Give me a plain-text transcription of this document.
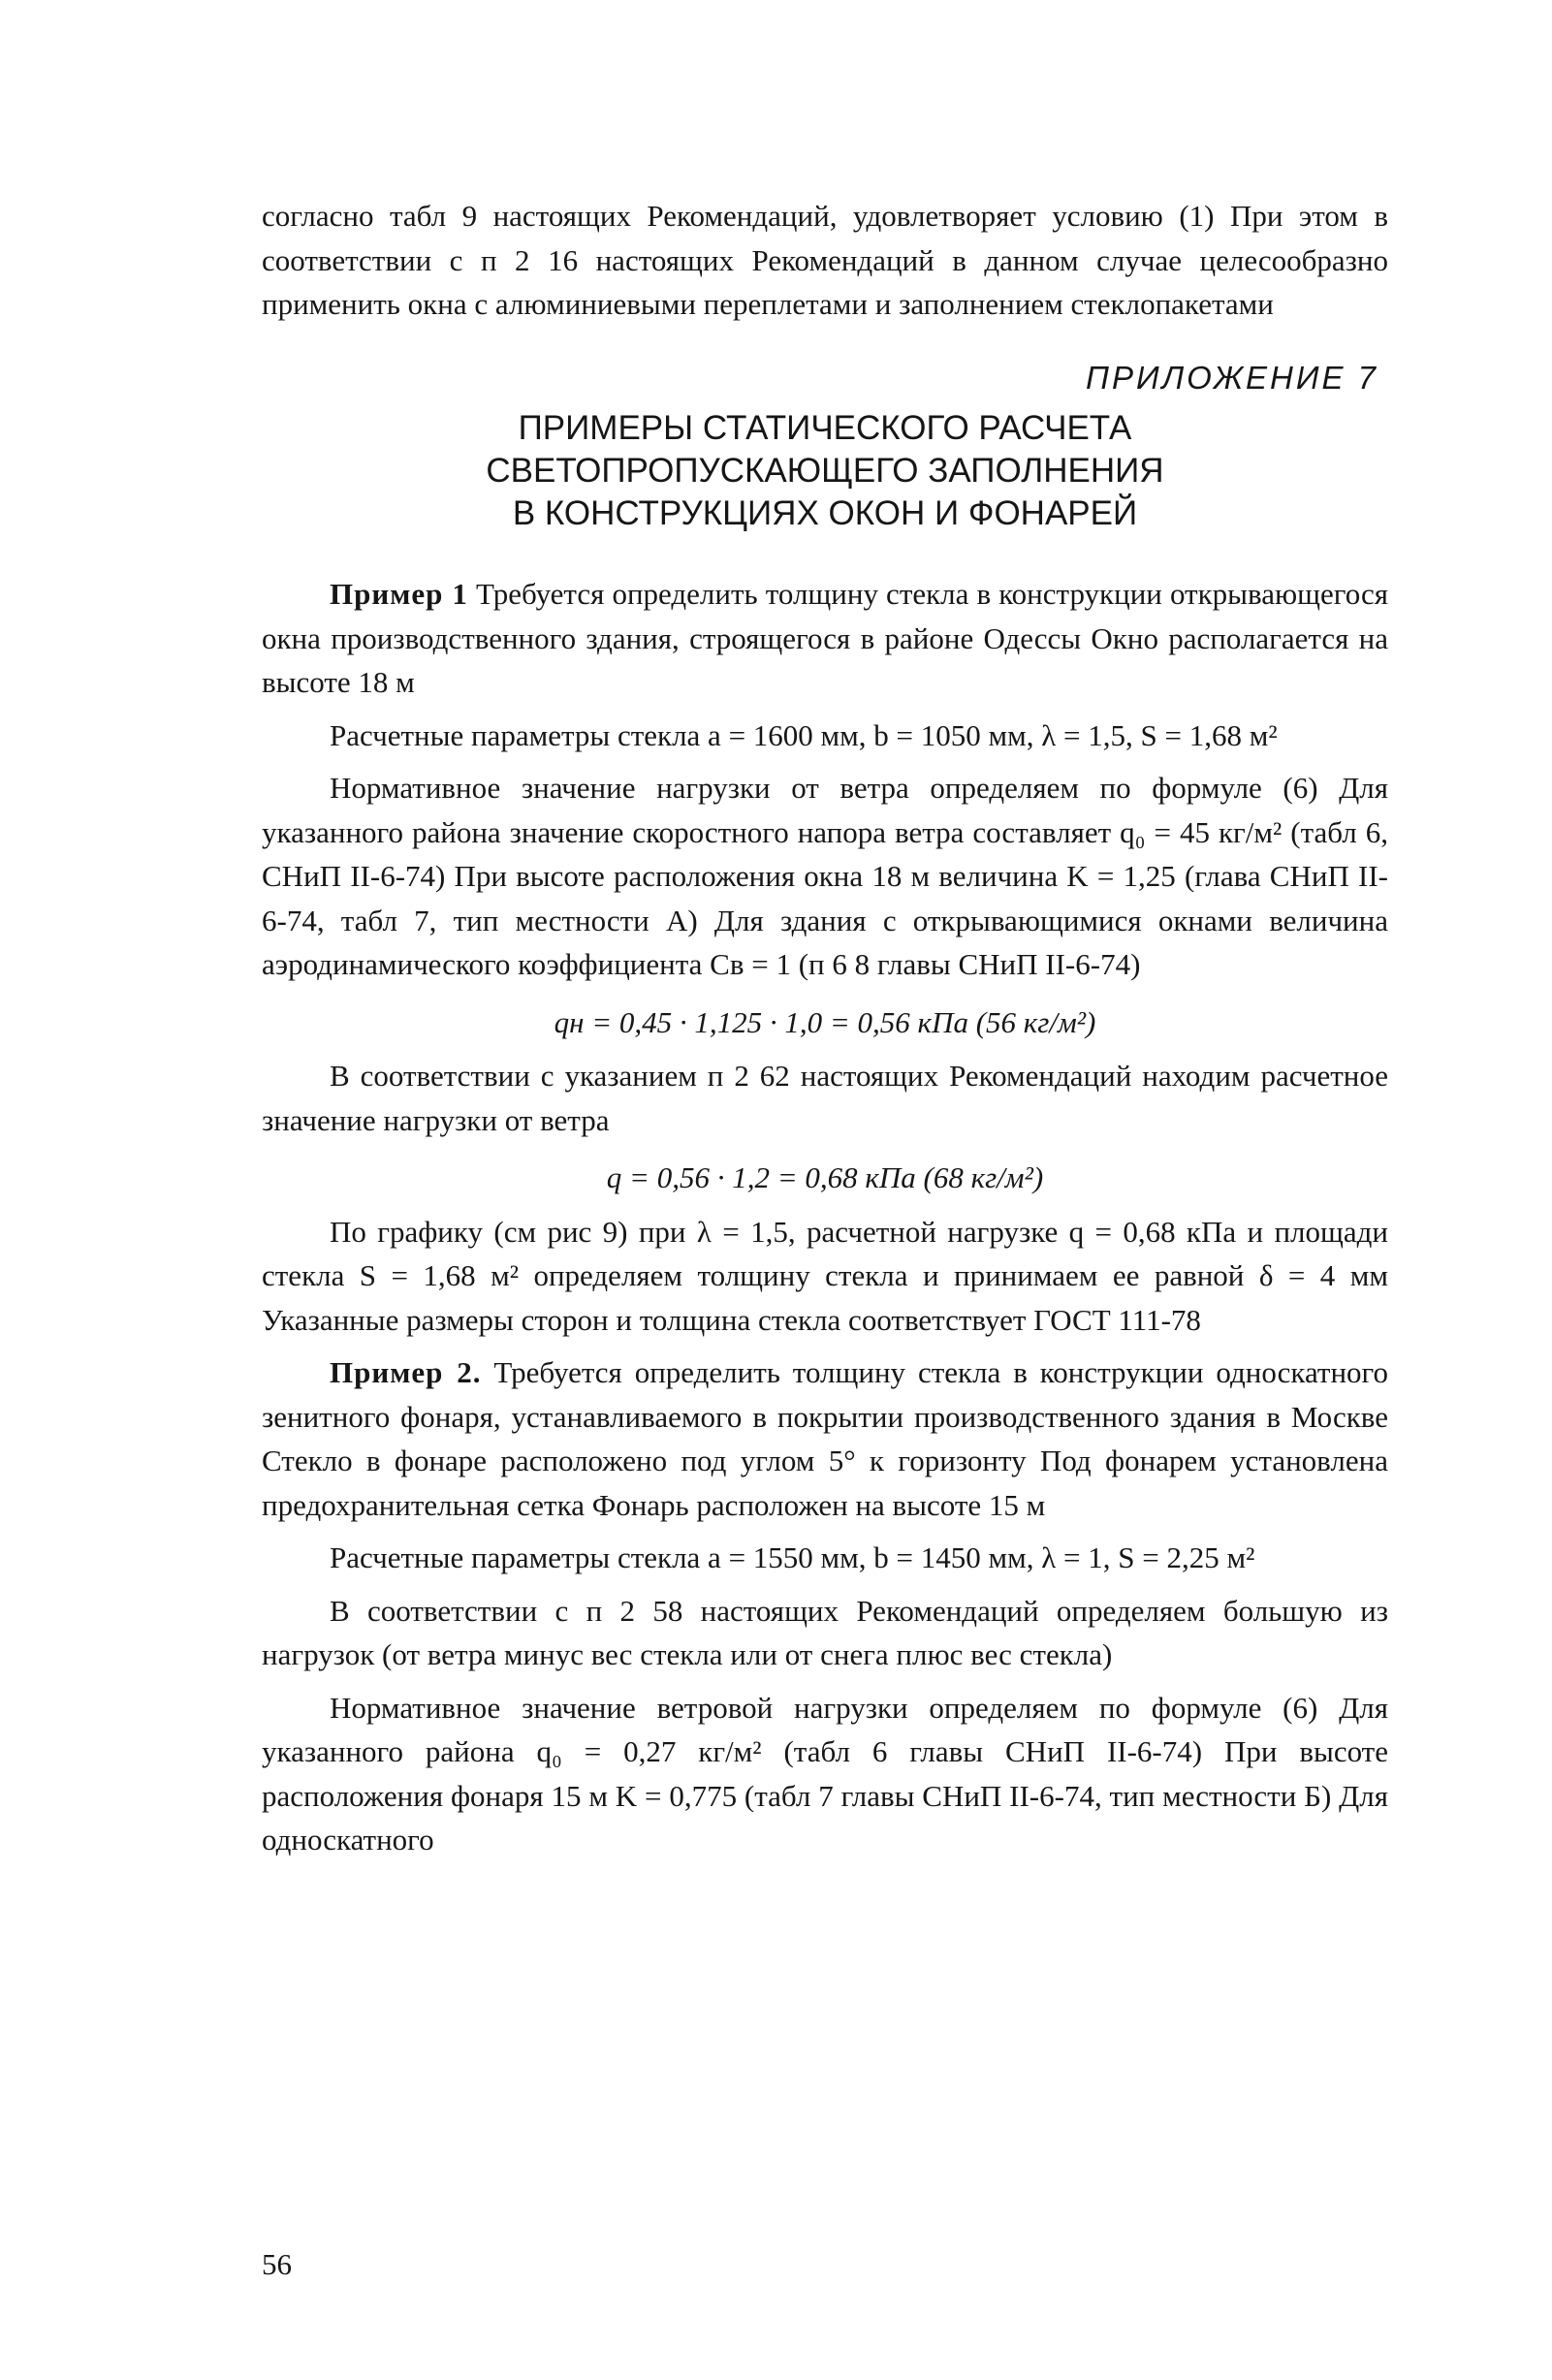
согласно табл 9 настоящих Рекомендаций, удовлетворяет условию (1) При этом в соответствии с п 2 16 настоящих Рекомендаций в данном случае целесообразно применить окна с алюминиевыми переплетами и заполнением стеклопакетами

ПРИЛОЖЕНИЕ 7
ПРИМЕРЫ СТАТИЧЕСКОГО РАСЧЕТА
СВЕТОПРОПУСКАЮЩЕГО ЗАПОЛНЕНИЯ
В КОНСТРУКЦИЯХ ОКОН И ФОНАРЕЙ

Пример 1 Требуется определить толщину стекла в конструкции открывающегося окна производственного здания, строящегося в районе Одессы Окно располагается на высоте 18 м

Расчетные параметры стекла a = 1600 мм, b = 1050 мм, λ = 1,5, S = 1,68 м²

Нормативное значение нагрузки от ветра определяем по формуле (6) Для указанного района значение скоростного напора ветра составляет q₀ = 45 кг/м² (табл 6, СНиП II-6-74) При высоте расположения окна 18 м величина K = 1,25 (глава СНиП II-6-74, табл 7, тип местности А) Для здания с открывающимися окнами величина аэродинамического коэффициента Cв = 1 (п 6 8 главы СНиП II-6-74)

qн = 0,45 · 1,125 · 1,0 = 0,56 кПа (56 кг/м²)

В соответствии с указанием п 2 62 настоящих Рекомендаций находим расчетное значение нагрузки от ветра

q = 0,56 · 1,2 = 0,68 кПа (68 кг/м²)

По графику (см рис 9) при λ = 1,5, расчетной нагрузке q = 0,68 кПа и площади стекла S = 1,68 м² определяем толщину стекла и принимаем ее равной δ = 4 мм Указанные размеры сторон и толщина стекла соответствует ГОСТ 111-78

Пример 2. Требуется определить толщину стекла в конструкции односкатного зенитного фонаря, устанавливаемого в покрытии производственного здания в Москве Стекло в фонаре расположено под углом 5° к горизонту Под фонарем установлена предохранительная сетка Фонарь расположен на высоте 15 м

Расчетные параметры стекла a = 1550 мм, b = 1450 мм, λ = 1, S = 2,25 м²

В соответствии с п 2 58 настоящих Рекомендаций определяем большую из нагрузок (от ветра минус вес стекла или от снега плюс вес стекла)

Нормативное значение ветровой нагрузки определяем по формуле (6) Для указанного района q₀ = 0,27 кг/м² (табл 6 главы СНиП II-6-74) При высоте расположения фонаря 15 м K = 0,775 (табл 7 главы СНиП II-6-74, тип местности Б) Для односкатного

56
